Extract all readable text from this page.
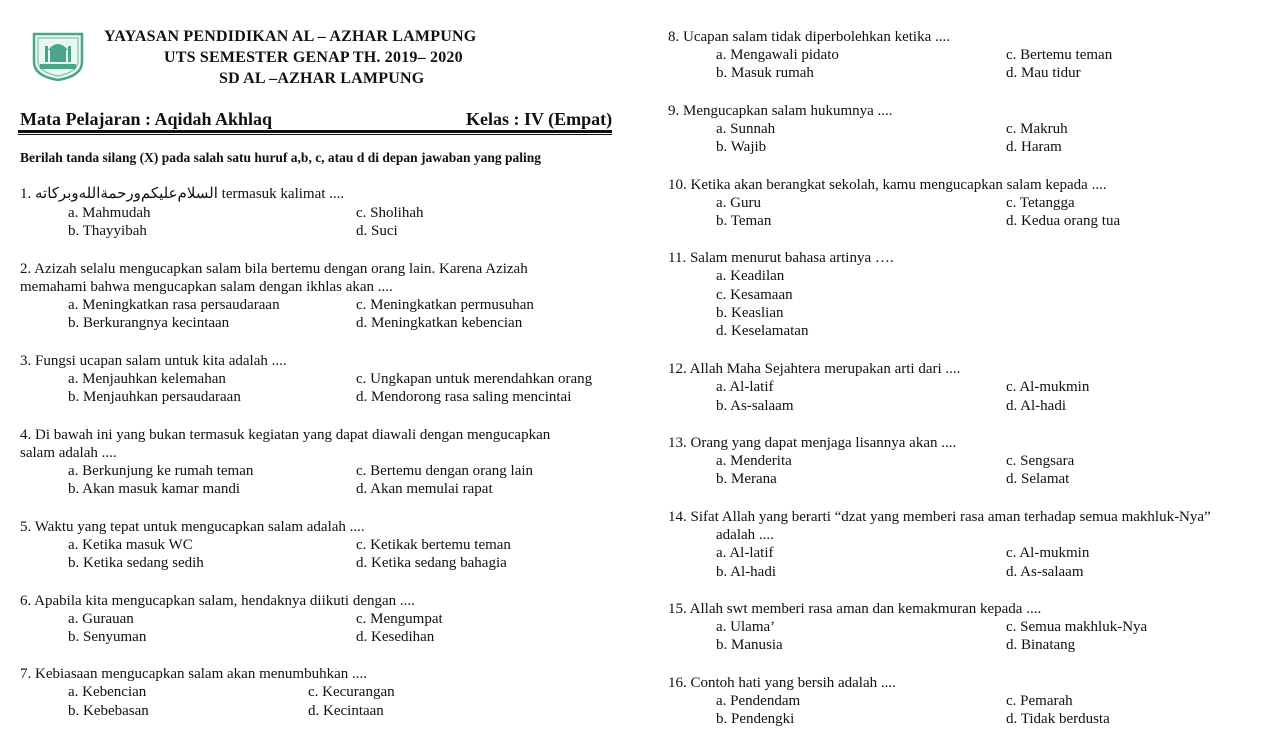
YAYASAN PENDIDIKAN AL – AZHAR LAMPUNG
UTS SEMESTER GENAP TH. 2019– 2020
SD AL –AZHAR LAMPUNG
Mata Pelajaran : Aqidah Akhlaq	Kelas : IV (Empat)
Berilah tanda silang (X) pada salah satu huruf a,b, c, atau d di depan jawaban yang paling
1. السلام‌عليكم‌ورحمة‌الله‌وبركاته termasuk kalimat ....
a. Mahmudah
b. Thayyibah
c. Sholihah
d. Suci
2. Azizah selalu mengucapkan salam bila bertemu dengan orang lain. Karena Azizah
memahami bahwa mengucapkan salam dengan ikhlas akan ....
a. Meningkatkan rasa persaudaraan
b. Berkurangnya kecintaan
c. Meningkatkan permusuhan
d. Meningkatkan kebencian
3. Fungsi ucapan salam untuk kita adalah ....
a. Menjauhkan kelemahan
b. Menjauhkan persaudaraan
c. Ungkapan untuk merendahkan orang
d. Mendorong rasa saling mencintai
4. Di bawah ini yang bukan termasuk kegiatan yang dapat diawali dengan mengucapkan
salam adalah ....
a. Berkunjung ke rumah teman
b. Akan masuk kamar mandi
c. Bertemu dengan orang lain
d. Akan memulai rapat
5. Waktu yang tepat untuk mengucapkan salam adalah ....
a. Ketika masuk WC
b. Ketika sedang sedih
c. Ketikak bertemu teman
d. Ketika sedang bahagia
6. Apabila kita mengucapkan salam, hendaknya diikuti dengan ....
a. Gurauan
b. Senyuman
c. Mengumpat
d. Kesedihan
7. Kebiasaan mengucapkan salam akan menumbuhkan ....
a. Kebencian
b. Kebebasan
c. Kecurangan
d. Kecintaan
8. Ucapan salam tidak diperbolehkan ketika ....
a. Mengawali pidato
b. Masuk rumah
c. Bertemu teman
d. Mau tidur
9. Mengucapkan salam hukumnya ....
a. Sunnah
b. Wajib
c. Makruh
d. Haram
10. Ketika akan berangkat sekolah, kamu mengucapkan salam kepada ....
a. Guru
b. Teman
c. Tetangga
d. Kedua orang tua
11. Salam menurut bahasa artinya ….
a. Keadilan
c. Kesamaan
b. Keaslian
d. Keselamatan
12. Allah Maha Sejahtera merupakan arti dari ....
a. Al-latif
b. As-salaam
c. Al-mukmin
d. Al-hadi
13. Orang yang dapat menjaga lisannya akan ....
a. Menderita
b. Merana
c. Sengsara
d. Selamat
14. Sifat Allah yang berarti “dzat yang memberi rasa aman terhadap semua makhluk-Nya”
adalah ....
a. Al-latif
b. Al-hadi
c. Al-mukmin
d. As-salaam
15. Allah swt memberi rasa aman dan kemakmuran kepada ....
a. Ulama’
b. Manusia
c. Semua makhluk-Nya
d. Binatang
16. Contoh hati yang bersih adalah ....
a. Pendendam
b. Pendengki
c. Pemarah
d. Tidak berdusta
